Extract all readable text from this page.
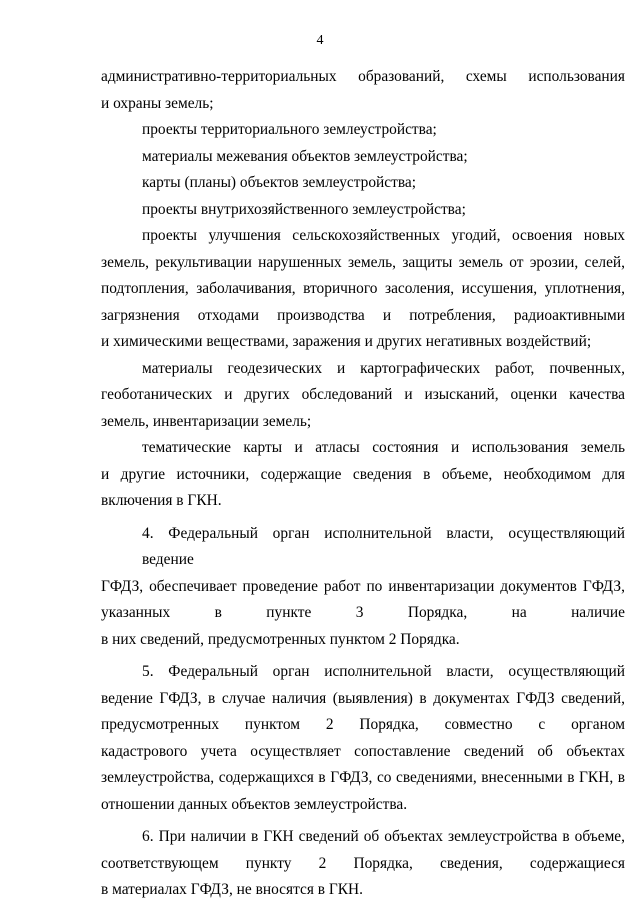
4
административно-территориальных образований, схемы использования
и охраны земель;
проекты территориального землеустройства;
материалы межевания объектов землеустройства;
карты (планы) объектов землеустройства;
проекты внутрихозяйственного землеустройства;
проекты улучшения сельскохозяйственных угодий, освоения новых
земель, рекультивации нарушенных земель, защиты земель от эрозии, селей,
подтопления, заболачивания, вторичного засоления, иссушения, уплотнения,
загрязнения отходами производства и потребления, радиоактивными
и химическими веществами, заражения и других негативных воздействий;
материалы геодезических и картографических работ, почвенных,
геоботанических и других обследований и изысканий, оценки качества
земель, инвентаризации земель;
тематические карты и атласы состояния и использования земель
и другие источники, содержащие сведения в объеме, необходимом для
включения в ГКН.
4. Федеральный орган исполнительной власти, осуществляющий ведение
ГФДЗ, обеспечивает проведение работ по инвентаризации документов ГФДЗ,
указанных в пункте 3 Порядка, на наличие
в них сведений, предусмотренных пунктом 2 Порядка.
5. Федеральный орган исполнительной власти, осуществляющий
ведение ГФДЗ, в случае наличия (выявления) в документах ГФДЗ сведений,
предусмотренных пунктом 2 Порядка, совместно с органом
кадастрового учета осуществляет сопоставление сведений об объектах
землеустройства, содержащихся в ГФДЗ, со сведениями, внесенными в ГКН, в
отношении данных объектов землеустройства.
6. При наличии в ГКН сведений об объектах землеустройства в объеме,
соответствующем пункту 2 Порядка, сведения, содержащиеся
в материалах ГФДЗ, не вносятся в ГКН.
